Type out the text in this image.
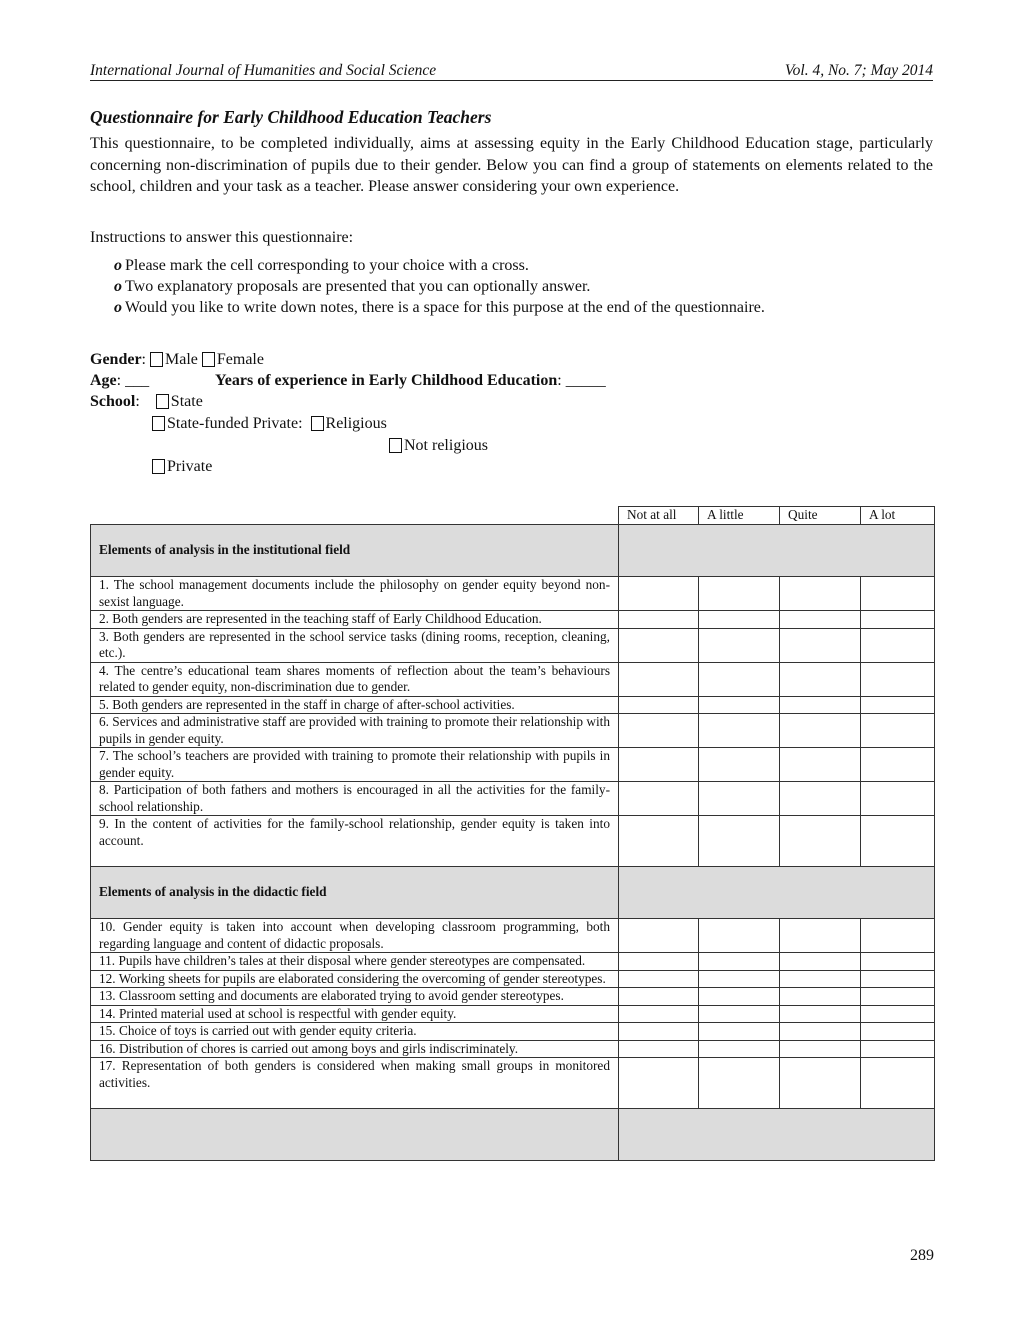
International Journal of Humanities and Social Science	Vol. 4, No. 7; May 2014
Questionnaire for Early Childhood Education Teachers

This questionnaire, to be completed individually, aims at assessing equity in the Early Childhood Education stage, particularly concerning non-discrimination of pupils due to their gender. Below you can find a group of statements on elements related to the school, children and your task as a teacher. Please answer considering your own experience.

Instructions to answer this questionnaire:
o Please mark the cell corresponding to your choice with a cross.
o Two explanatory proposals are presented that you can optionally answer.
o Would you like to write down notes, there is a space for this purpose at the end of the questionnaire.
Gender: Male Female
Age: ___	Years of experience in Early Childhood Education: _____
School: State
State-funded Private: Religious
Not religious
Private
	Not at all	A little	Quite	A lot
Elements of analysis in the institutional field				
1. The school management documents include the philosophy on gender equity beyond non-sexist language.				
2. Both genders are represented in the teaching staff of Early Childhood Education.				
3. Both genders are represented in the school service tasks (dining rooms, reception, cleaning, etc.).				
4. The centre’s educational team shares moments of reflection about the team’s behaviours related to gender equity, non-discrimination due to gender.				
5. Both genders are represented in the staff in charge of after-school activities.				
6. Services and administrative staff are provided with training to promote their relationship with pupils in gender equity.				
7. The school’s teachers are provided with training to promote their relationship with pupils in gender equity.				
8. Participation of both fathers and mothers is encouraged in all the activities for the family-school relationship.				
9. In the content of activities for the family-school relationship, gender equity is taken into account.				
Elements of analysis in the didactic field				
10. Gender equity is taken into account when developing classroom programming, both regarding language and content of didactic proposals.				
11. Pupils have children’s tales at their disposal where gender stereotypes are compensated.				
12. Working sheets for pupils are elaborated considering the overcoming of gender stereotypes.				
13. Classroom setting and documents are elaborated trying to avoid gender stereotypes.				
14. Printed material used at school is respectful with gender equity.				
15. Choice of toys is carried out with gender equity criteria.				
16. Distribution of chores is carried out among boys and girls indiscriminately.				
17. Representation of both genders is considered when making small groups in monitored activities.				

289
